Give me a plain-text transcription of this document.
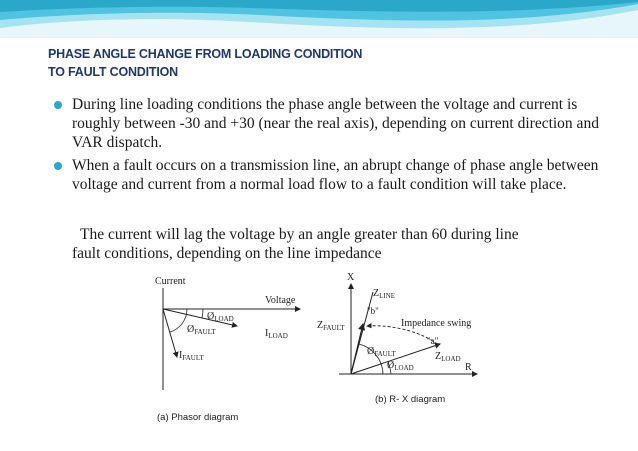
PHASE ANGLE CHANGE FROM LOADING CONDITION
TO FAULT CONDITION
During line loading conditions the phase angle between the voltage and current is roughly between -30 and +30 (near the real axis), depending on current direction and VAR dispatch.
When a fault occurs on a transmission line, an abrupt change of phase angle between voltage and current from a normal load flow to a fault condition will take place.
The current will lag the voltage by an angle greater than 60 during line
fault conditions, depending on the line impedance
Current
Voltage
$Ø_{LOAD}$
$Ø_{FAULT}$	$I_{LOAD}$
$I_{FAULT}$
(a) Phasor diagram
X
R
$Z_{LINE}$
$Z_{FAULT}$
"b"
Impedance swing
"a"
$Ø_{FAULT}$
$Ø_{LOAD}$
$Z_{LOAD}$
(b) R- X diagram
